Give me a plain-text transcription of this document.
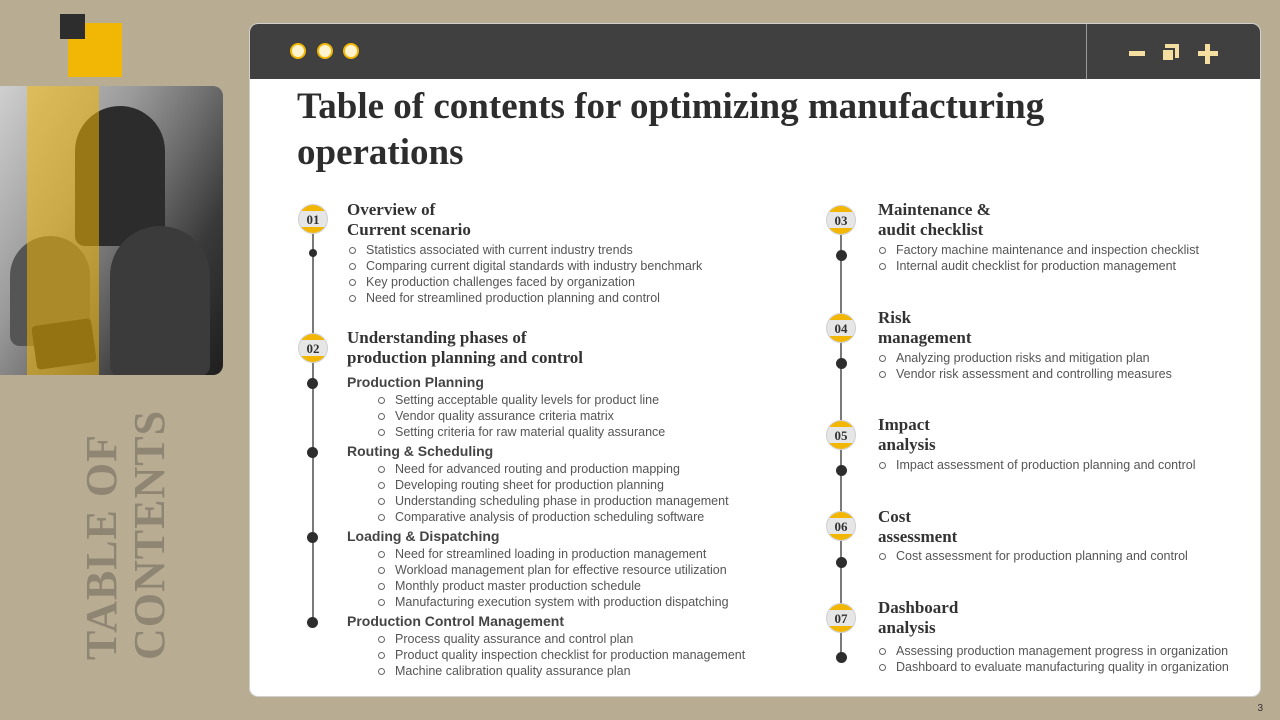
TABLE OF CONTENTS
Table of contents for optimizing manufacturing operations
01
Overview of
Current scenario
Statistics associated with current industry trends
Comparing current digital standards with industry benchmark
Key production challenges faced by organization
Need for streamlined production planning and control
02
Understanding phases of
production planning and control
Production Planning
Setting acceptable quality levels for product line
Vendor quality assurance criteria matrix
Setting criteria for raw material quality assurance
Routing & Scheduling
Need for advanced routing and production mapping
Developing routing sheet for production planning
Understanding scheduling phase in production management
Comparative analysis of production scheduling software
Loading & Dispatching
Need for streamlined loading in production management
Workload management plan for effective resource utilization
Monthly product master production schedule
Manufacturing execution system with production dispatching
Production Control Management
Process quality assurance and control plan
Product quality inspection checklist for production management
Machine calibration quality assurance plan
03
Maintenance &
audit checklist
Factory machine maintenance and inspection checklist
Internal audit checklist for production management
04
Risk
management
Analyzing production risks and mitigation plan
Vendor risk assessment and controlling measures
05
Impact
analysis
Impact assessment of production planning and control
06
Cost
assessment
Cost assessment for production planning and control
07
Dashboard
analysis
Assessing production management progress in organization
Dashboard to evaluate manufacturing quality in organization
3
